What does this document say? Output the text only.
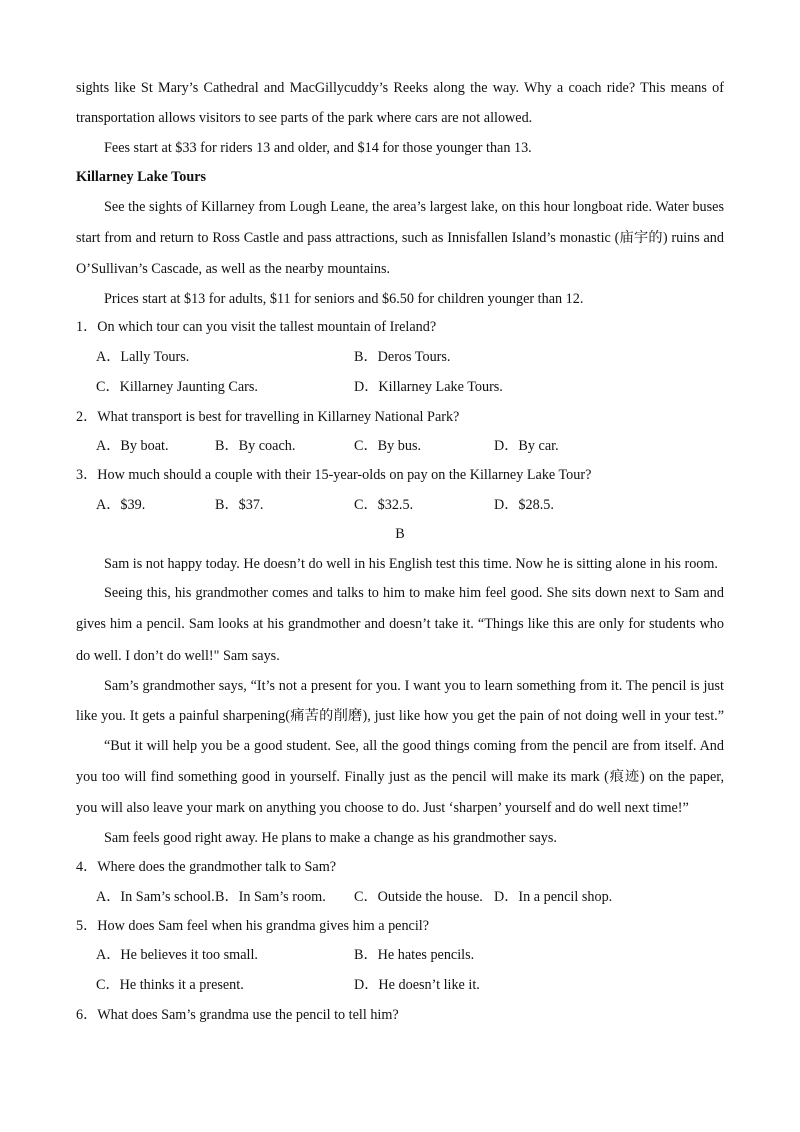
sights like St Mary’s Cathedral and MacGillycuddy’s Reeks along the way. Why a coach ride? This means of
transportation allows visitors to see parts of the park where cars are not allowed.
Fees start at $33 for riders 13 and older, and $14 for those younger than 13.
Killarney Lake Tours
See the sights of Killarney from Lough Leane, the area’s largest lake, on this hour longboat ride. Water buses
start from and return to Ross Castle and pass attractions, such as Innisfallen Island’s monastic (庙宇的) ruins and
O’Sullivan’s Cascade, as well as the nearby mountains.
Prices start at $13 for adults, $11 for seniors and $6.50 for children younger than 12.
1．On which tour can you visit the tallest mountain of Ireland?
A．Lally Tours.	B．Deros Tours.
C．Killarney Jaunting Cars.	D．Killarney Lake Tours.
2．What transport is best for travelling in Killarney National Park?
A．By boat.	B．By coach.	C．By bus.	D．By car.
3．How much should a couple with their 15-year-olds on pay on the Killarney Lake Tour?
A．$39.	B．$37.	C．$32.5.	D．$28.5.
B
Sam is not happy today. He doesn’t do well in his English test this time. Now he is sitting alone in his room.
Seeing this, his grandmother comes and talks to him to make him feel good. She sits down next to Sam and
gives him a pencil. Sam looks at his grandmother and doesn’t take it. “Things like this are only for students who
do well. I don’t do well!" Sam says.
Sam’s grandmother says, “It’s not a present for you. I want you to learn something from it. The pencil is just
like you. It gets a painful sharpening(痛苦的削磨), just like how you get the pain of not doing well in your test.”
“But it will help you be a good student. See, all the good things coming from the pencil are from itself. And
you too will find something good in yourself. Finally just as the pencil will make its mark (痕迹) on the paper,
you will also leave your mark on anything you choose to do. Just ‘sharpen’ yourself and do well next time!”
Sam feels good right away. He plans to make a change as his grandmother says.
4．Where does the grandmother talk to Sam?
A．In Sam’s school. B．In Sam’s room. C．Outside the house. D．In a pencil shop.
5．How does Sam feel when his grandma gives him a pencil?
A．He believes it too small.	B．He hates pencils.
C．He thinks it a present.	D．He doesn’t like it.
6．What does Sam’s grandma use the pencil to tell him?
